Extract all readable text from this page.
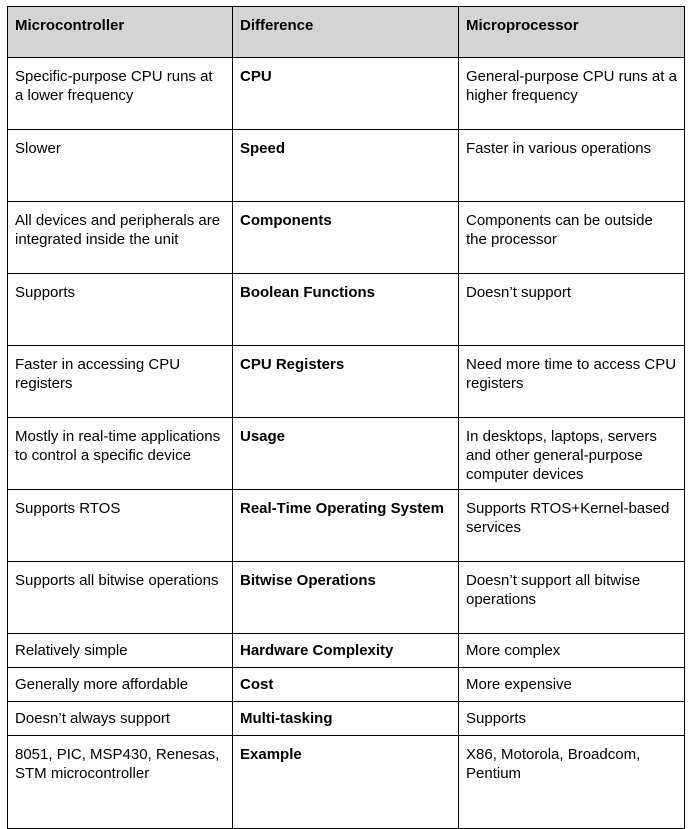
Microcontroller	Difference	Microprocessor
Specific-purpose CPU runs at a lower frequency	CPU	General-purpose CPU runs at a higher frequency
Slower	Speed	Faster in various operations
All devices and peripherals are integrated inside the unit	Components	Components can be outside the processor
Supports	Boolean Functions	Doesn’t support
Faster in accessing CPU registers	CPU Registers	Need more time to access CPU registers
Mostly in real-time applications to control a specific device	Usage	In desktops, laptops, servers and other general-purpose computer devices
Supports RTOS	Real-Time Operating System	Supports RTOS+Kernel-based services
Supports all bitwise operations	Bitwise Operations	Doesn’t support all bitwise operations
Relatively simple	Hardware Complexity	More complex
Generally more affordable	Cost	More expensive
Doesn’t always support	Multi-tasking	Supports
8051, PIC, MSP430, Renesas, STM microcontroller	Example	X86, Motorola, Broadcom, Pentium
